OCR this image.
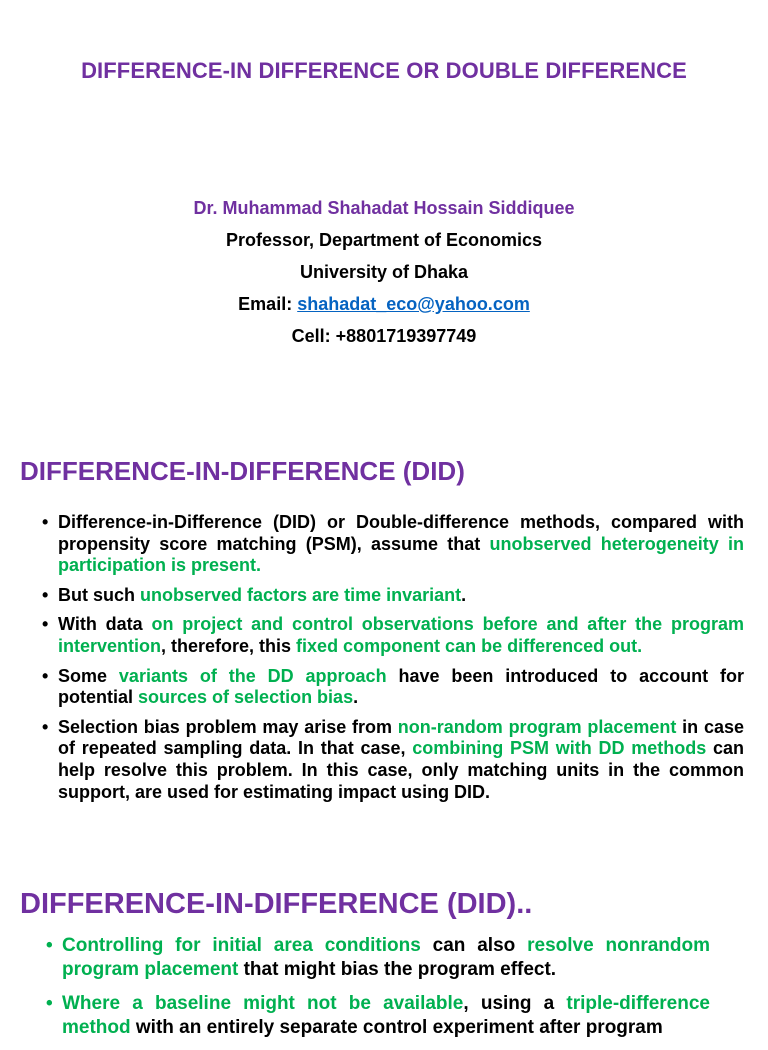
DIFFERENCE-IN DIFFERENCE OR DOUBLE DIFFERENCE
Dr. Muhammad Shahadat Hossain Siddiquee
Professor, Department of Economics
University of Dhaka
Email: shahadat_eco@yahoo.com
Cell: +8801719397749
DIFFERENCE-IN-DIFFERENCE (DID)
• Difference-in-Difference (DID) or Double-difference methods, compared with propensity score matching (PSM), assume that unobserved heterogeneity in participation is present.
• But such unobserved factors are time invariant.
• With data on project and control observations before and after the program intervention, therefore, this fixed component can be differenced out.
• Some variants of the DD approach have been introduced to account for potential sources of selection bias.
• Selection bias problem may arise from non-random program placement in case of repeated sampling data. In that case, combining PSM with DD methods can help resolve this problem. In this case, only matching units in the common support, are used for estimating impact using DID.
DIFFERENCE-IN-DIFFERENCE (DID)..
• Controlling for initial area conditions can also resolve nonrandom program placement that might bias the program effect.
• Where a baseline might not be available, using a triple-difference method with an entirely separate control experiment after program
